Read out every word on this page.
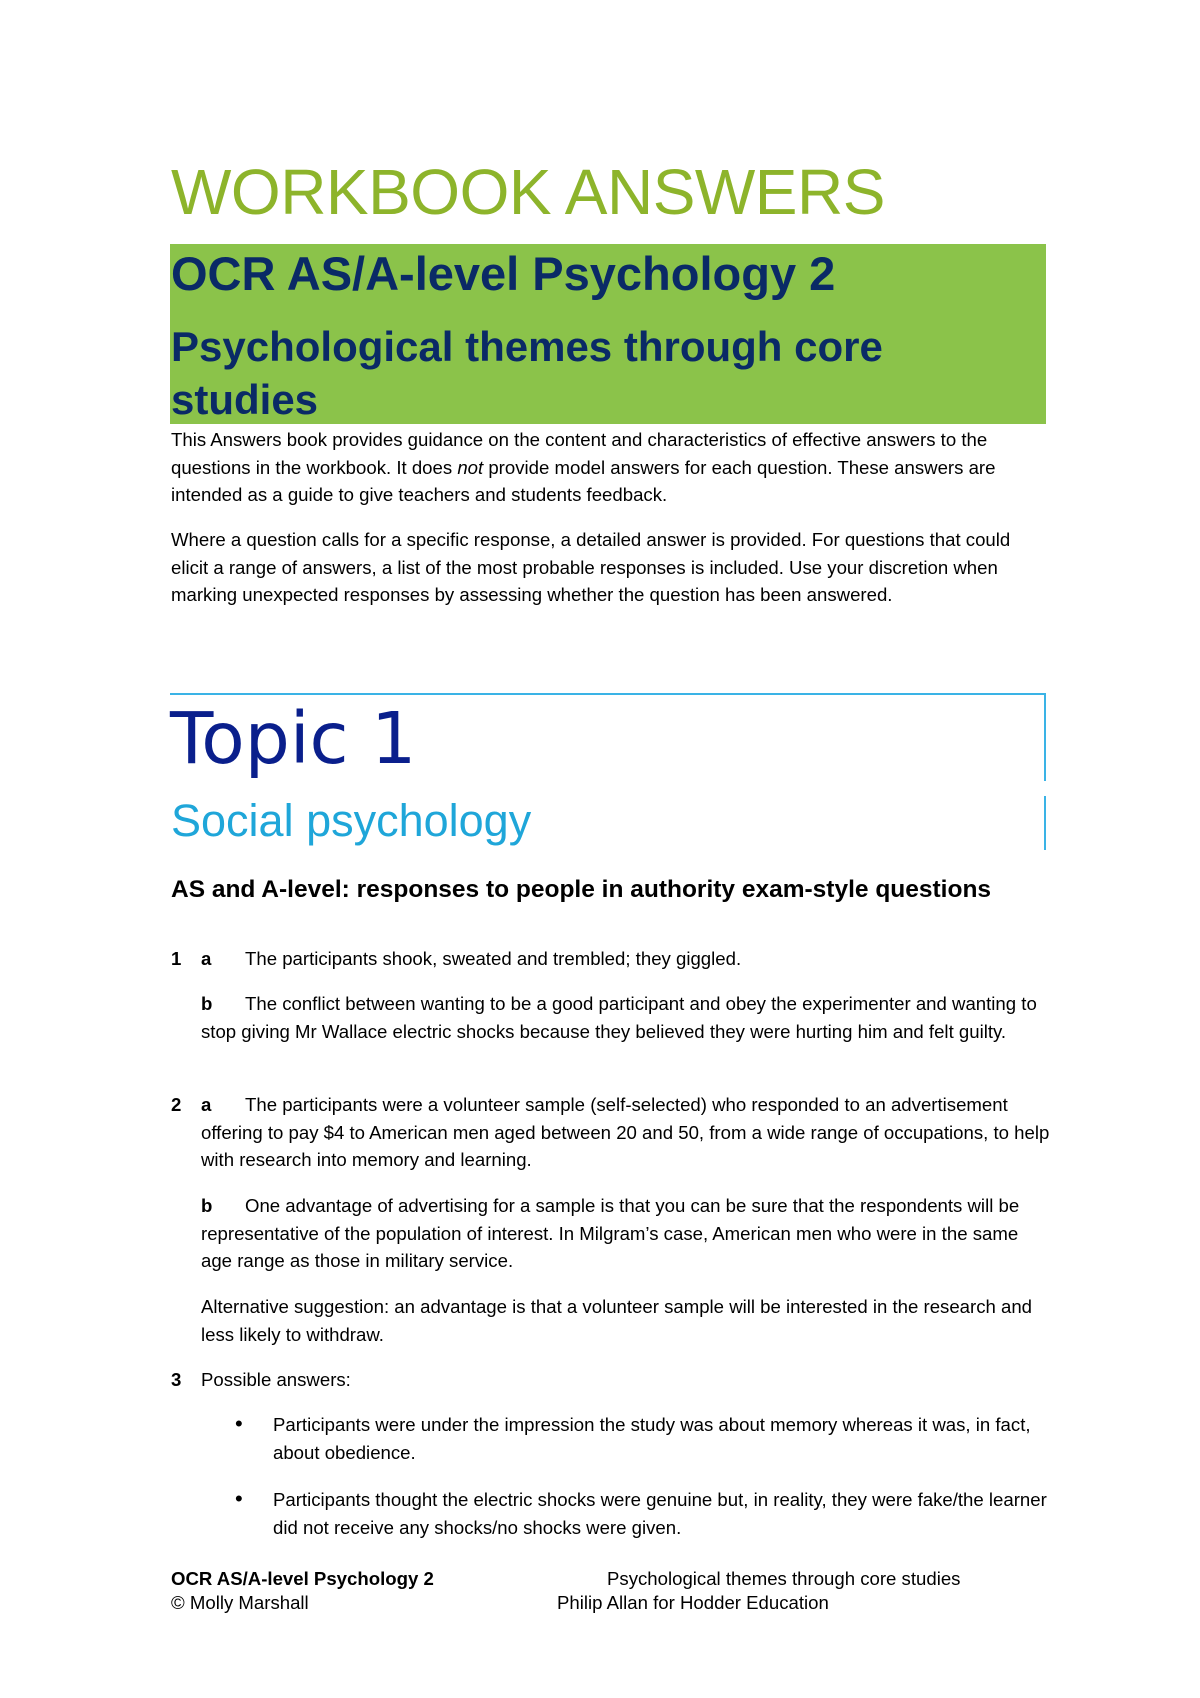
WORKBOOK ANSWERS
OCR AS/A-level Psychology 2
Psychological themes through core studies
This Answers book provides guidance on the content and characteristics of effective answers to the questions in the workbook. It does not provide model answers for each question. These answers are intended as a guide to give teachers and students feedback.
Where a question calls for a specific response, a detailed answer is provided. For questions that could elicit a range of answers, a list of the most probable responses is included. Use your discretion when marking unexpected responses by assessing whether the question has been answered.
Topic 1
Social psychology
AS and A-level: responses to people in authority exam-style questions
1 a The participants shook, sweated and trembled; they giggled.
b The conflict between wanting to be a good participant and obey the experimenter and wanting to stop giving Mr Wallace electric shocks because they believed they were hurting him and felt guilty.
2 a The participants were a volunteer sample (self-selected) who responded to an advertisement offering to pay $4 to American men aged between 20 and 50, from a wide range of occupations, to help with research into memory and learning.
b One advantage of advertising for a sample is that you can be sure that the respondents will be representative of the population of interest. In Milgram’s case, American men who were in the same age range as those in military service.
Alternative suggestion: an advantage is that a volunteer sample will be interested in the research and less likely to withdraw.
3 Possible answers:
• Participants were under the impression the study was about memory whereas it was, in fact, about obedience.
• Participants thought the electric shocks were genuine but, in reality, they were fake/the learner did not receive any shocks/no shocks were given.
OCR AS/A-level Psychology 2
© Molly Marshall
Psychological themes through core studies
Philip Allan for Hodder Education
